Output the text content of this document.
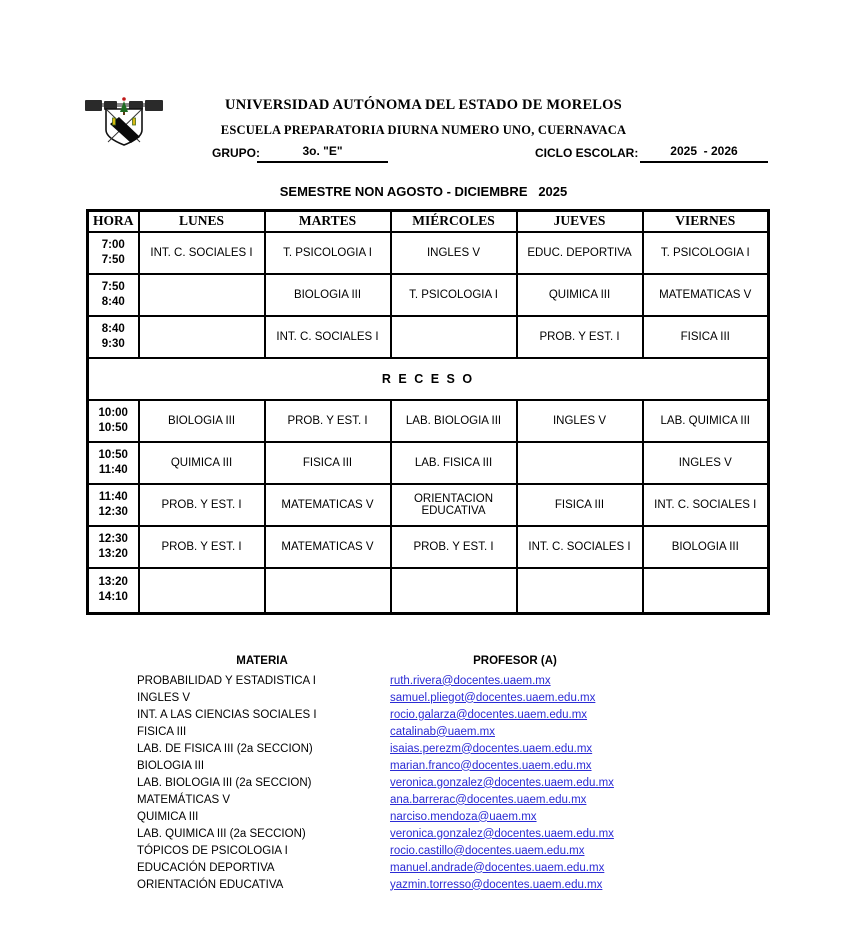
UNIVERSIDAD AUTÓNOMA DEL ESTADO DE MORELOS
ESCUELA PREPARATORIA DIURNA NUMERO UNO, CUERNAVACA
GRUPO:	3o. "E"	CICLO ESCOLAR:	2025  - 2026
SEMESTRE NON AGOSTO - DICIEMBRE   2025
HORA	LUNES	MARTES	MIÉRCOLES	JUEVES	VIERNES

7:00
7:50	INT. C. SOCIALES I	T. PSICOLOGIA I	INGLES V	EDUC. DEPORTIVA	T. PSICOLOGIA I

7:50
8:40		BIOLOGIA III	T. PSICOLOGIA I	QUIMICA III	MATEMATICAS V

8:40
9:30		INT. C. SOCIALES I		PROB. Y EST. I	FISICA III
R E C E S O					

10:00
10:50	BIOLOGIA III	PROB. Y EST. I	LAB. BIOLOGIA III	INGLES V	LAB. QUIMICA III

10:50
11:40	QUIMICA III	FISICA III	LAB. FISICA III		INGLES V

11:40
12:30	PROB. Y EST. I	MATEMATICAS V	ORIENTACION EDUCATIVA	FISICA III	INT. C. SOCIALES I

12:30
13:20	PROB. Y EST. I	MATEMATICAS V	PROB. Y EST. I	INT. C. SOCIALES I	BIOLOGIA III

13:20
14:10					

MATERIA	PROFESOR (A)
PROBABILIDAD Y ESTADISTICA I	ruth.rivera@docentes.uaem.mx
INGLES V	samuel.pliegot@docentes.uaem.edu.mx
INT. A LAS CIENCIAS SOCIALES I	rocio.galarza@docentes.uaem.edu.mx
FISICA III	catalinab@uaem.mx
LAB. DE FISICA III (2a SECCION)	isaias.perezm@docentes.uaem.edu.mx
BIOLOGIA III	marian.franco@docentes.uaem.edu.mx
LAB. BIOLOGIA III (2a SECCION)	veronica.gonzalez@docentes.uaem.edu.mx
MATEMÁTICAS V	ana.barrerac@docentes.uaem.edu.mx
QUIMICA III	narciso.mendoza@uaem.mx
LAB. QUIMICA III (2a SECCION)	veronica.gonzalez@docentes.uaem.edu.mx
TÓPICOS DE PSICOLOGIA I	rocio.castillo@docentes.uaem.edu.mx
EDUCACIÓN DEPORTIVA	manuel.andrade@docentes.uaem.edu.mx
ORIENTACIÓN EDUCATIVA	yazmin.torresso@docentes.uaem.edu.mx
